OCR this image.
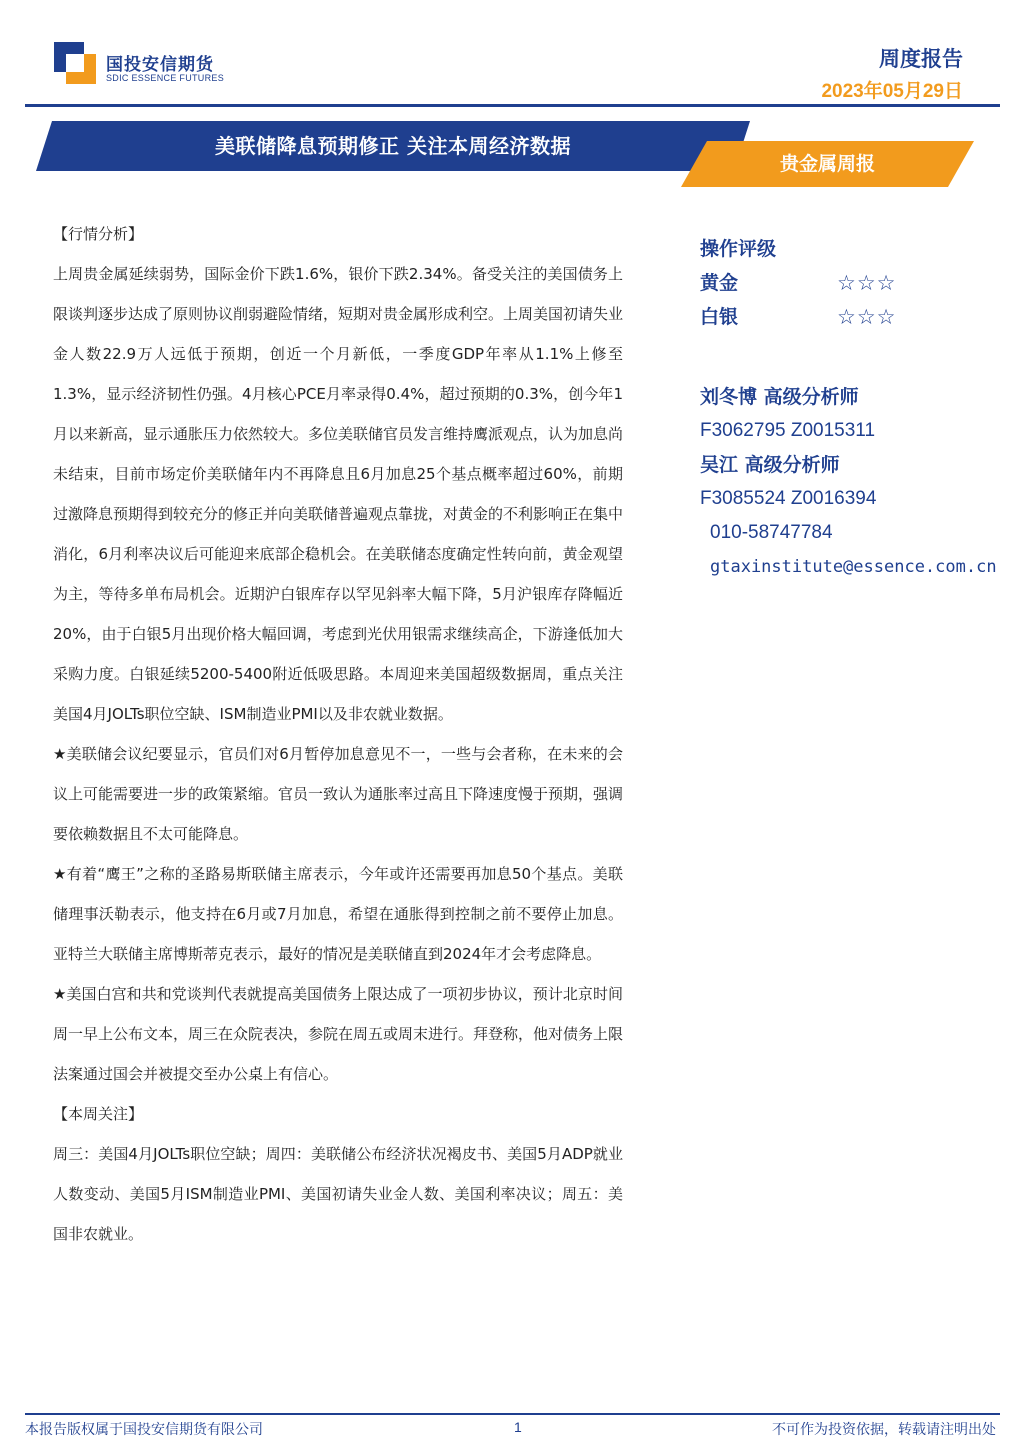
国投安信期货
SDIC ESSENCE FUTURES
周度报告
2023年05月29日
美联储降息预期修正 关注本周经济数据
贵金属周报

【行情分析】

上周贵金属延续弱势，国际金价下跌1.6%，银价下跌2.34%。备受关注的美国债务上限谈判逐步达成了原则协议削弱避险情绪，短期对贵金属形成利空。上周美国初请失业金人数22.9万人远低于预期，创近一个月新低，一季度GDP年率从1.1%上修至1.3%，显示经济韧性仍强。4月核心PCE月率录得0.4%，超过预期的0.3%，创今年1月以来新高，显示通胀压力依然较大。多位美联储官员发言维持鹰派观点，认为加息尚未结束，目前市场定价美联储年内不再降息且6月加息25个基点概率超过60%，前期过激降息预期得到较充分的修正并向美联储普遍观点靠拢，对黄金的不利影响正在集中消化，6月利率决议后可能迎来底部企稳机会。在美联储态度确定性转向前，黄金观望为主，等待多单布局机会。近期沪白银库存以罕见斜率大幅下降，5月沪银库存降幅近20%，由于白银5月出现价格大幅回调，考虑到光伏用银需求继续高企，下游逢低加大采购力度。白银延续5200-5400附近低吸思路。本周迎来美国超级数据周，重点关注美国4月JOLTs职位空缺、ISM制造业PMI以及非农就业数据。

★美联储会议纪要显示，官员们对6月暂停加息意见不一，一些与会者称，在未来的会议上可能需要进一步的政策紧缩。官员一致认为通胀率过高且下降速度慢于预期，强调要依赖数据且不太可能降息。

★有着“鹰王”之称的圣路易斯联储主席表示，今年或许还需要再加息50个基点。美联储理事沃勒表示，他支持在6月或7月加息，希望在通胀得到控制之前不要停止加息。亚特兰大联储主席博斯蒂克表示，最好的情况是美联储直到2024年才会考虑降息。

★美国白宫和共和党谈判代表就提高美国债务上限达成了一项初步协议，预计北京时间周一早上公布文本，周三在众院表决，参院在周五或周末进行。拜登称，他对债务上限法案通过国会并被提交至办公桌上有信心。

【本周关注】

周三：美国4月JOLTs职位空缺；周四：美联储公布经济状况褐皮书、美国5月ADP就业人数变动、美国5月ISM制造业PMI、美国初请失业金人数、美国利率决议；周五：美国非农就业。

操作评级
黄金	☆☆☆
白银	☆☆☆
刘冬博 高级分析师
F3062795 Z0015311
吴江 高级分析师
F3085524 Z0016394
010-58747784
gtaxinstitute@essence.com.cn
本报告版权属于国投安信期货有限公司	1	不可作为投资依据，转载请注明出处
